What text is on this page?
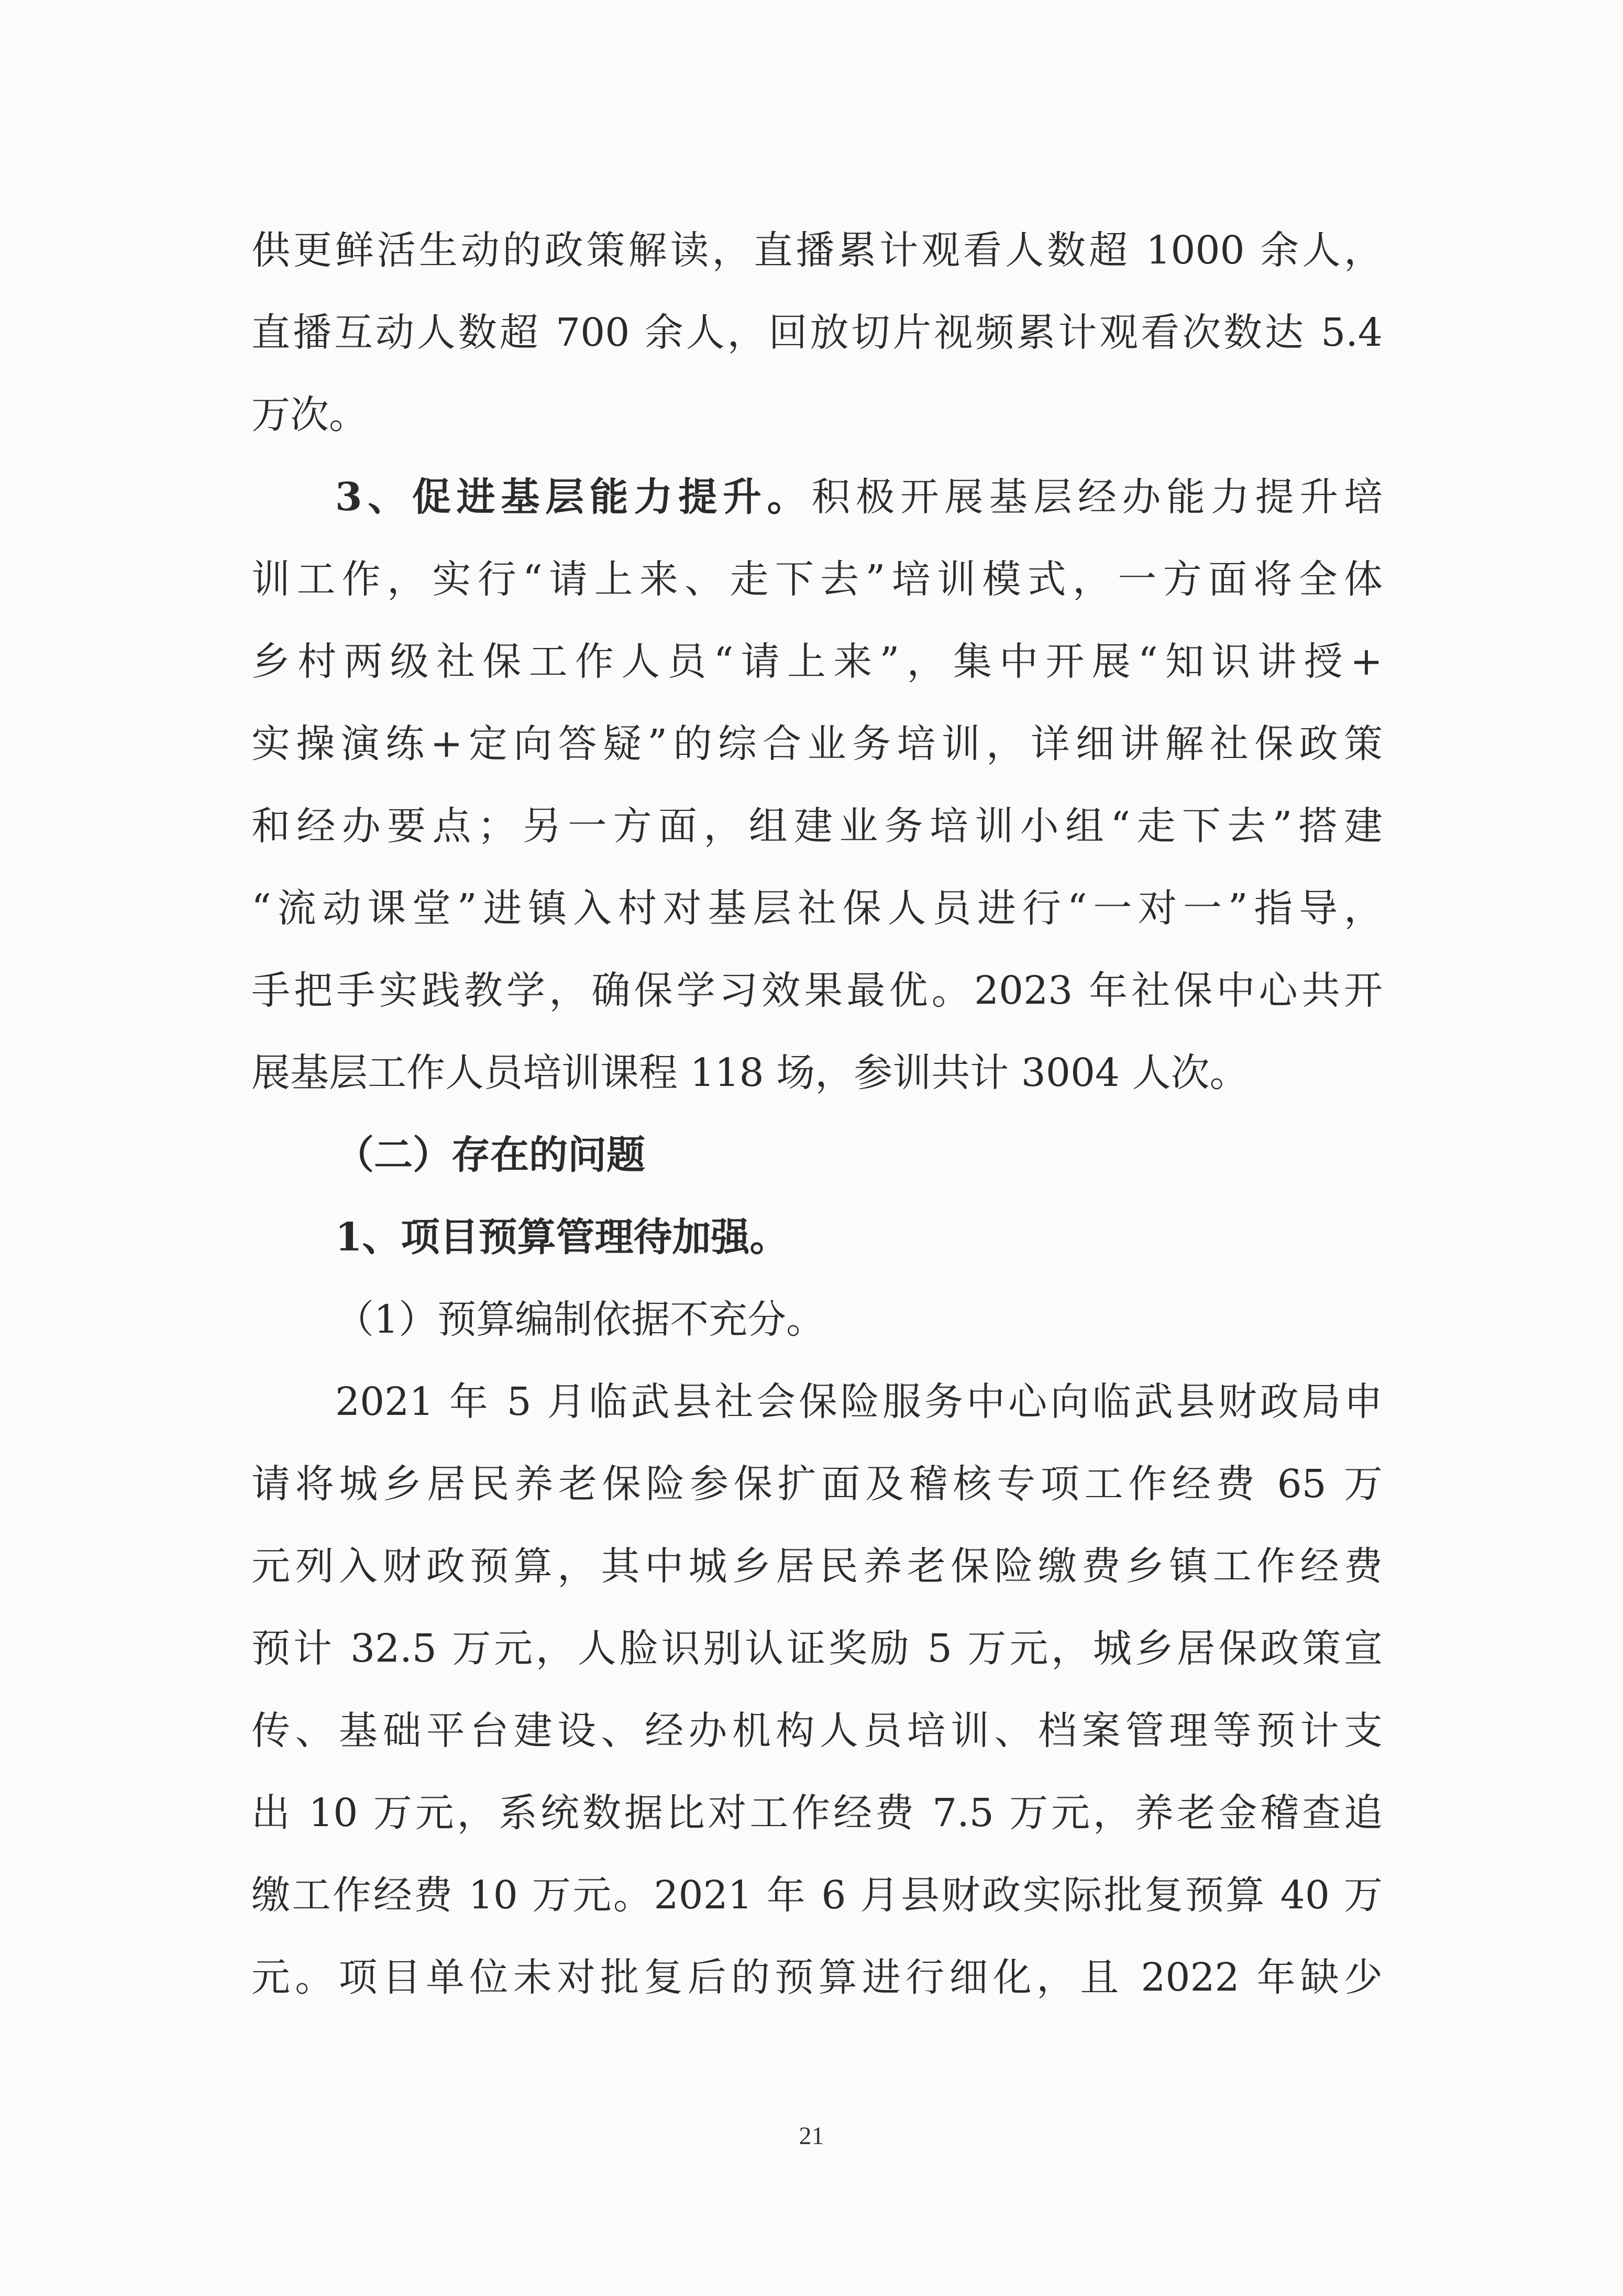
供更鲜活生动的政策解读，直播累计观看人数超 1000 余人，
直播互动人数超 700 余人，回放切片视频累计观看次数达 5.4
万次。
3、促进基层能力提升。积极开展基层经办能力提升培
训工作，实行“请上来、走下去”培训模式，一方面将全体
乡村两级社保工作人员“请上来”，集中开展“知识讲授+
实操演练+定向答疑”的综合业务培训，详细讲解社保政策
和经办要点；另一方面，组建业务培训小组“走下去”搭建
“流动课堂”进镇入村对基层社保人员进行“一对一”指导，
手把手实践教学，确保学习效果最优。2023 年社保中心共开
展基层工作人员培训课程 118 场，参训共计 3004 人次。
（二）存在的问题
1、项目预算管理待加强。
（1）预算编制依据不充分。
2021 年 5 月临武县社会保险服务中心向临武县财政局申
请将城乡居民养老保险参保扩面及稽核专项工作经费 65 万
元列入财政预算，其中城乡居民养老保险缴费乡镇工作经费
预计 32.5 万元，人脸识别认证奖励 5 万元，城乡居保政策宣
传、基础平台建设、经办机构人员培训、档案管理等预计支
出 10 万元，系统数据比对工作经费 7.5 万元，养老金稽查追
缴工作经费 10 万元。2021 年 6 月县财政实际批复预算 40 万
元。项目单位未对批复后的预算进行细化，且 2022 年缺少
21
